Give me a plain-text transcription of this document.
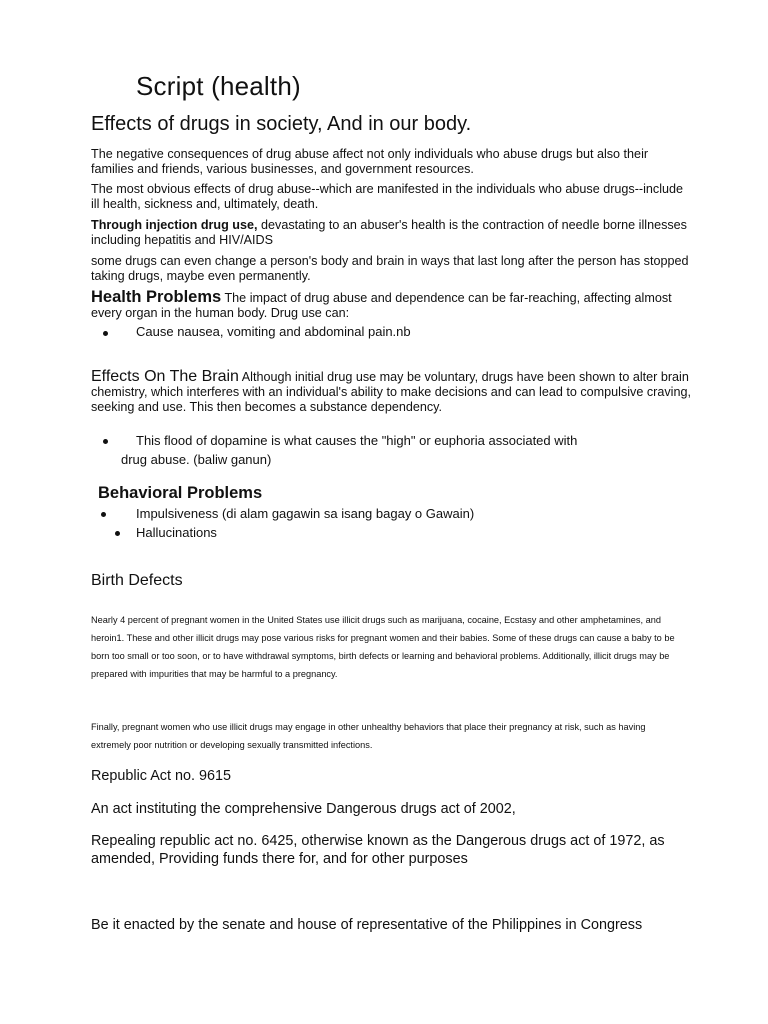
Script (health)
Effects of drugs in society, And in our body.

The negative consequences of drug abuse affect not only individuals who abuse drugs but also their families and friends, various businesses, and government resources.

The most obvious effects of drug abuse--which are manifested in the individuals who abuse drugs--include ill health, sickness and, ultimately, death.

Through injection drug use, devastating to an abuser's health is the contraction of needle borne illnesses including hepatitis and HIV/AIDS

some drugs can even change a person's body and brain in ways that last long after the person has stopped taking drugs, maybe even permanently.

Health Problems The impact of drug abuse and dependence can be far-reaching, affecting almost every organ in the human body. Drug use can:

Cause nausea, vomiting and abdominal pain.nb

Effects On The Brain Although initial drug use may be voluntary, drugs have been shown to alter brain chemistry, which interferes with an individual's ability to make decisions and can lead to compulsive craving, seeking and use. This then becomes a substance dependency.

This flood of dopamine is what causes the "high" or euphoria associated with
drug abuse. (baliw ganun)
Behavioral Problems
Impulsiveness (di alam gagawin sa isang bagay o Gawain)
Hallucinations
Birth Defects

Nearly 4 percent of pregnant women in the United States use illicit drugs such as marijuana, cocaine, Ecstasy and other amphetamines, and heroin1. These and other illicit drugs may pose various risks for pregnant women and their babies. Some of these drugs can cause a baby to be born too small or too soon, or to have withdrawal symptoms, birth defects or learning and behavioral problems. Additionally, illicit drugs may be prepared with impurities that may be harmful to a pregnancy.

Finally, pregnant women who use illicit drugs may engage in other unhealthy behaviors that place their pregnancy at risk, such as having extremely poor nutrition or developing sexually transmitted infections.

Republic Act no. 9615

An act instituting the comprehensive Dangerous drugs act of 2002,

Repealing republic act no. 6425, otherwise known as the Dangerous drugs act of 1972, as amended, Providing funds there for, and for other purposes

Be it enacted by the senate and house of representative of the Philippines in Congress
